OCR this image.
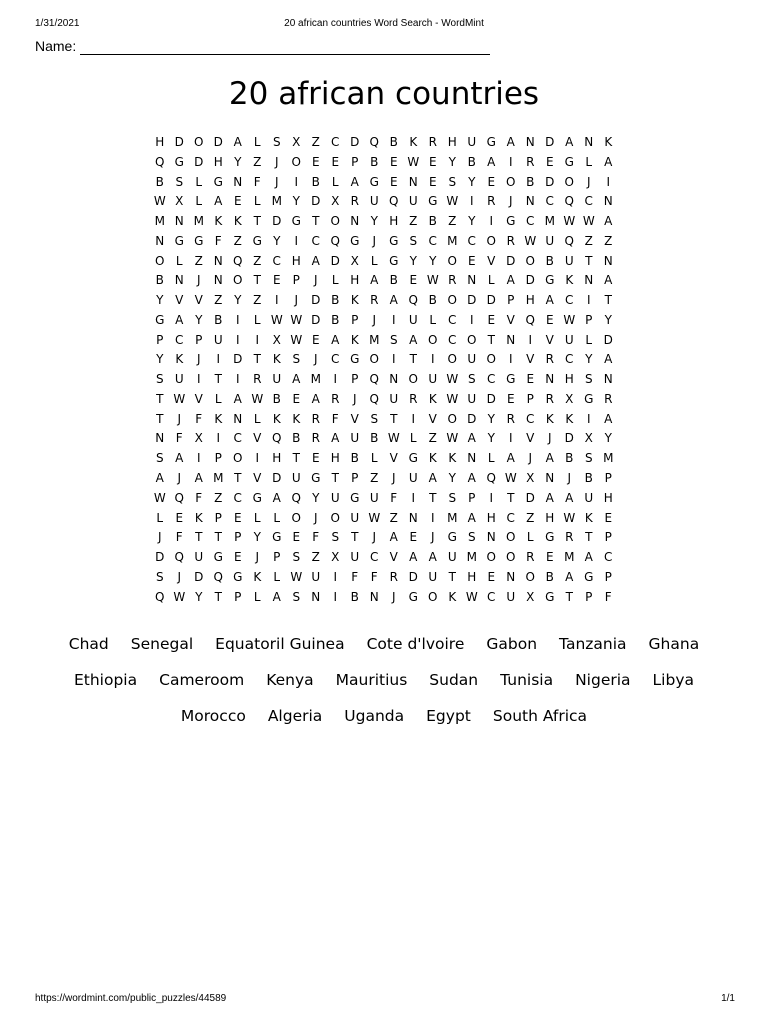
1/31/2021	20 african countries Word Search - WordMint
Name:
20 african countries
H D O D A	L	S X Z C D Q B K R H U G A N D A N K
Q G D H Y Z	J	O E E	P B E W E	Y B A	I	R E G L	A
B S	L G N F	J	I	B	L	A G E N E S	Y	E O B D O	J	I
W X	L	A E	L M Y D X R U Q U G W I	R	J	N C Q C N
M N M K K T D G T O N Y H Z B Z Y	I	G C M W W A
N G G F Z G Y	I	C Q G	J	G S C M C O R W U Q Z Z
O L	Z N Q Z C H A D X	L G Y	Y O E V D O B U T N
B N	J	N O T	E	P	J	L H A B E W R N L	A D G K N A
Y V V Z Y Z	I	J	D B K R A Q B O D D P H A C	I	T
G A Y B	I	L W W D B P	J	I	U L C	I	E V Q E W P	Y
P C P U	I	I	X W E A K M S A O C O T N	I	V U L D
Y K	J	I	D T K S	J	C G O	I	T	I	O U O	I	V R C Y A
S U	I	T	I	R U A M	I	P Q N O U W S C G E N H S N
T W V	L	A W B E A R	J	Q U R K W U D E	P R X G R
T	J	F	K N L	K K R F V S	T	I	V O D Y R C K K	I	A
N F X	I	C V Q B R A U B W L	Z W A Y	I	V	J	D X Y
S A	I	P O	I	H T	E H B	L	V G K K N L	A	J	A B S M
A	J	A M T V D U G T	P Z	J	U A Y A Q W X N	J	B P
W Q F Z C G A Q Y U G U F	I	T	S	P	I	T D A A U H
L	E K P	E	L	L O	J	O U W Z N	I	M A H C Z H W K E
J	F	T	T	P	Y G E	F	S	T	J	A E	J	G S N O L G R T	P
D Q U G E	J	P	S Z X U C V A A U M O O R E M A C
S	J	D Q G K	L W U	I	F	F R D U T H E N O B A G P
Q W Y	T	P	L	A S N	I	B N	J	G O K W C U X G T	P	F
Chad Senegal Equatoril Guinea Cote d'lvoire Gabon Tanzania Ghana
Ethiopia Cameroom Kenya Mauritius Sudan Tunisia Nigeria Libya
Morocco Algeria Uganda Egypt South Africa
https://wordmint.com/public_puzzles/44589	1/1
